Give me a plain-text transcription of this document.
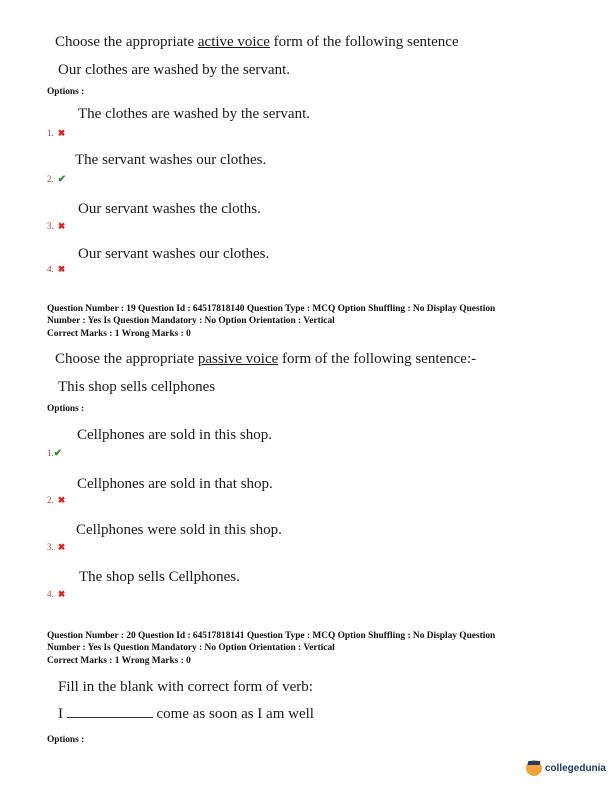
Choose the appropriate active voice form of the following sentence
Our clothes are washed by the servant.
Options :
The clothes are washed by the servant.
1. ✖
The servant washes our clothes.
2. ✔
Our servant washes the cloths.
3. ✖
Our servant washes our clothes.
4. ✖
Question Number : 19 Question Id : 64517818140 Question Type : MCQ Option Shuffling : No Display Question
Number : Yes Is Question Mandatory : No Option Orientation : Vertical
Correct Marks : 1 Wrong Marks : 0
Choose the appropriate passive voice form of the following sentence:-
This shop sells cellphones
Options :
Cellphones are sold in this shop.
1.✔
Cellphones are sold in that shop.
2. ✖
Cellphones were sold in this shop.
3. ✖
The shop sells Cellphones.
4. ✖
Question Number : 20 Question Id : 64517818141 Question Type : MCQ Option Shuffling : No Display Question
Number : Yes Is Question Mandatory : No Option Orientation : Vertical
Correct Marks : 1 Wrong Marks : 0
Fill in the blank with correct form of verb:
I	come as soon as I am well
Options :
collegedunia
